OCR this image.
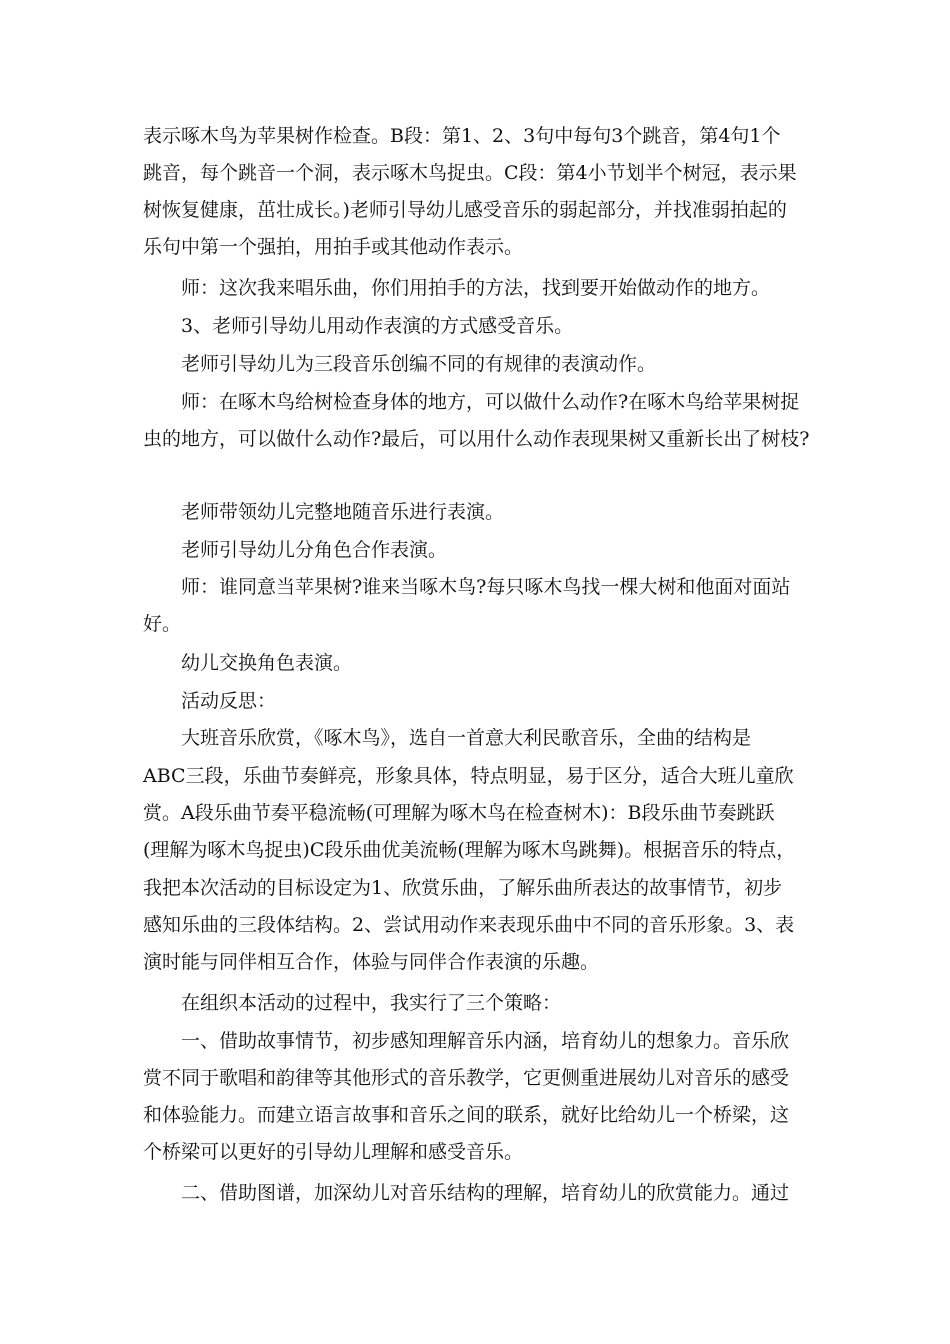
表示啄木鸟为苹果树作检查。B段：第1、2、3句中每句3个跳音，第4句1个
跳音，每个跳音一个洞，表示啄木鸟捉虫。C段：第4小节划半个树冠，表示果
树恢复健康，茁壮成长。)老师引导幼儿感受音乐的弱起部分，并找准弱拍起的
乐句中第一个强拍，用拍手或其他动作表示。
师：这次我来唱乐曲，你们用拍手的方法，找到要开始做动作的地方。
3、老师引导幼儿用动作表演的方式感受音乐。
老师引导幼儿为三段音乐创编不同的有规律的表演动作。
师：在啄木鸟给树检查身体的地方，可以做什么动作?在啄木鸟给苹果树捉
虫的地方，可以做什么动作?最后，可以用什么动作表现果树又重新长出了树枝?
老师带领幼儿完整地随音乐进行表演。
老师引导幼儿分角色合作表演。
师：谁同意当苹果树?谁来当啄木鸟?每只啄木鸟找一棵大树和他面对面站
好。
幼儿交换角色表演。
活动反思：
大班音乐欣赏，《啄木鸟》，选自一首意大利民歌音乐，全曲的结构是
ABC三段，乐曲节奏鲜亮，形象具体，特点明显，易于区分，适合大班儿童欣
赏。A段乐曲节奏平稳流畅(可理解为啄木鸟在检查树木)：B段乐曲节奏跳跃
(理解为啄木鸟捉虫)C段乐曲优美流畅(理解为啄木鸟跳舞)。根据音乐的特点，
我把本次活动的目标设定为1、欣赏乐曲，了解乐曲所表达的故事情节，初步
感知乐曲的三段体结构。2、尝试用动作来表现乐曲中不同的音乐形象。3、表
演时能与同伴相互合作，体验与同伴合作表演的乐趣。
在组织本活动的过程中，我实行了三个策略：
一、借助故事情节，初步感知理解音乐内涵，培育幼儿的想象力。音乐欣
赏不同于歌唱和韵律等其他形式的音乐教学，它更侧重进展幼儿对音乐的感受
和体验能力。而建立语言故事和音乐之间的联系，就好比给幼儿一个桥梁，这
个桥梁可以更好的引导幼儿理解和感受音乐。
二、借助图谱，加深幼儿对音乐结构的理解，培育幼儿的欣赏能力。通过
